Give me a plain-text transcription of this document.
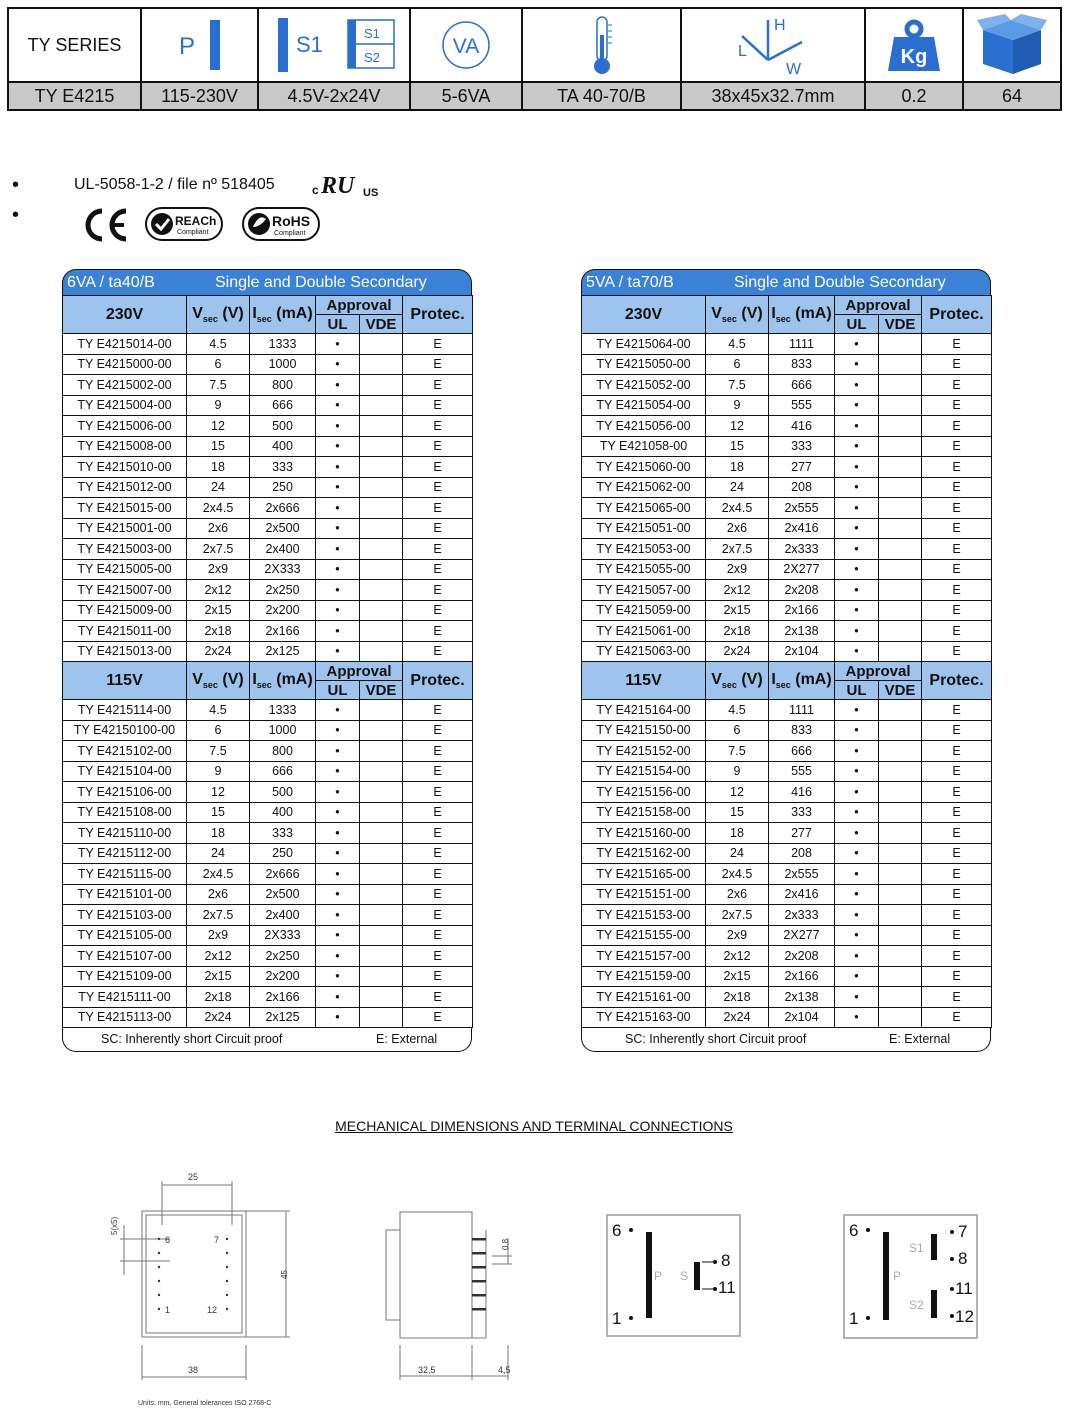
TY SERIES	P	S1 S1
S2	VA		H
L
W	Kg

TY E4215	115-230V	4.5V-2x24V	5-6VA	TA 40-70/B	38x45x32.7mm	0.2	64
•	UL-5058-1-2 / file nº 518405	c RU US
•	REACh
Compliant
RoHS
Compliant
6VA / ta40/B	Single and Double Secondary
230V	$V_{sec}$ (V)	$I_{sec}$ (mA)	Approval		Protec.
			UL	VDE	
TY E4215014-00	4.5	1333	•		E
TY E4215000-00	6	1000	•		E
TY E4215002-00	7.5	800	•		E
TY E4215004-00	9	666	•		E
TY E4215006-00	12	500	•		E
TY E4215008-00	15	400	•		E
TY E4215010-00	18	333	•		E
TY E4215012-00	24	250	•		E
TY E4215015-00	2x4.5	2x666	•		E
TY E4215001-00	2x6	2x500	•		E
TY E4215003-00	2x7.5	2x400	•		E
TY E4215005-00	2x9	2X333	•		E
TY E4215007-00	2x12	2x250	•		E
TY E4215009-00	2x15	2x200	•		E
TY E4215011-00	2x18	2x166	•		E
TY E4215013-00	2x24	2x125	•		E
115V	$V_{sec}$ (V)	$I_{sec}$ (mA)	Approval		Protec.
			UL	VDE	
TY E4215114-00	4.5	1333	•		E
TY E42150100-00	6	1000	•		E
TY E4215102-00	7.5	800	•		E
TY E4215104-00	9	666	•		E
TY E4215106-00	12	500	•		E
TY E4215108-00	15	400	•		E
TY E4215110-00	18	333	•		E
TY E4215112-00	24	250	•		E
TY E4215115-00	2x4.5	2x666	•		E
TY E4215101-00	2x6	2x500	•		E
TY E4215103-00	2x7.5	2x400	•		E
TY E4215105-00	2x9	2X333	•		E
TY E4215107-00	2x12	2x250	•		E
TY E4215109-00	2x15	2x200	•		E
TY E4215111-00	2x18	2x166	•		E
TY E4215113-00	2x24	2x125	•		E
SC: Inherently short Circuit proof	E: External
5VA / ta70/B	Single and Double Secondary
230V	$V_{sec}$ (V)	$I_{sec}$ (mA)	Approval		Protec.
			UL	VDE	
TY E4215064-00	4.5	1111	•		E
TY E4215050-00	6	833	•		E
TY E4215052-00	7.5	666	•		E
TY E4215054-00	9	555	•		E
TY E4215056-00	12	416	•		E
TY E421058-00	15	333	•		E
TY E4215060-00	18	277	•		E
TY E4215062-00	24	208	•		E
TY E4215065-00	2x4.5	2x555	•		E
TY E4215051-00	2x6	2x416	•		E
TY E4215053-00	2x7.5	2x333	•		E
TY E4215055-00	2x9	2X277	•		E
TY E4215057-00	2x12	2x208	•		E
TY E4215059-00	2x15	2x166	•		E
TY E4215061-00	2x18	2x138	•		E
TY E4215063-00	2x24	2x104	•		E
115V	$V_{sec}$ (V)	$I_{sec}$ (mA)	Approval		Protec.
			UL	VDE	
TY E4215164-00	4.5	1111	•		E
TY E4215150-00	6	833	•		E
TY E4215152-00	7.5	666	•		E
TY E4215154-00	9	555	•		E
TY E4215156-00	12	416	•		E
TY E4215158-00	15	333	•		E
TY E4215160-00	18	277	•		E
TY E4215162-00	24	208	•		E
TY E4215165-00	2x4.5	2x555	•		E
TY E4215151-00	2x6	2x416	•		E
TY E4215153-00	2x7.5	2x333	•		E
TY E4215155-00	2x9	2X277	•		E
TY E4215157-00	2x12	2x208	•		E
TY E4215159-00	2x15	2x166	•		E
TY E4215161-00	2x18	2x138	•		E
TY E4215163-00	2x24	2x104	•		E
SC: Inherently short Circuit proof	E: External
MECHANICAL DIMENSIONS AND TERMINAL CONNECTIONS
25
5(x5)
45
38
6	7
1	12
0,8
32,5	4,5
6
1
8
11
P S
6
1
7
8
11
12
P
S1
S2
Units: mm, General tolerances ISO 2768-C
